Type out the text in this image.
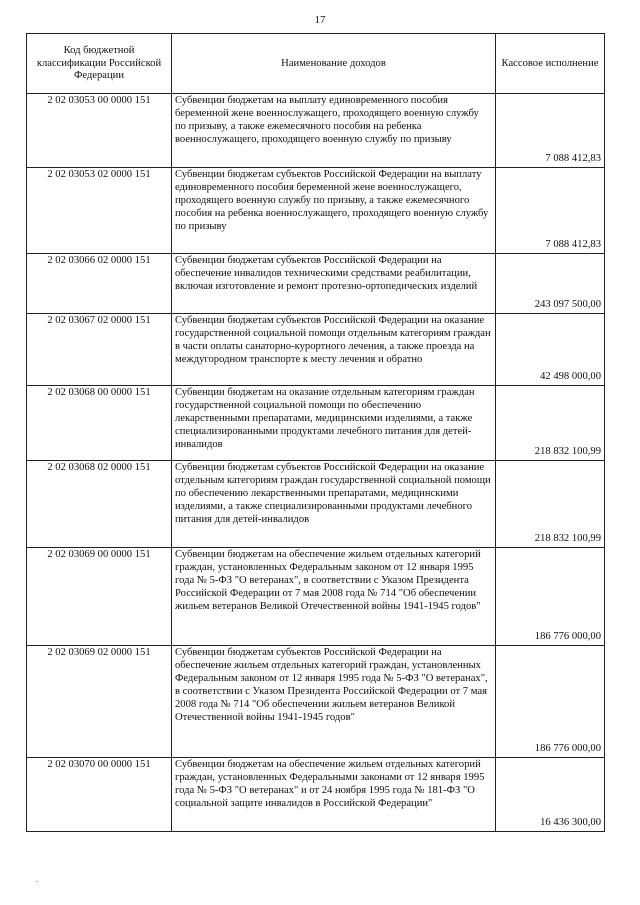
17
Код бюджетной классификации Российской Федерации	Наименование доходов	Кассовое исполнение
2 02 03053 00 0000 151	Субвенции бюджетам на выплату единовременного пособия беременной жене военнослужащего, проходящего военную службу по призыву, а также ежемесячного пособия на ребенка военнослужащего, проходящего военную службу по призыву	7 088 412,83
2 02 03053 02 0000 151	Субвенции бюджетам субъектов Российской Федерации на выплату единовременного пособия беременной жене военнослужащего, проходящего военную службу по призыву, а также ежемесячного пособия на ребенка военнослужащего, проходящего военную службу по призыву	7 088 412,83
2 02 03066 02 0000 151	Субвенции бюджетам субъектов Российской Федерации на обеспечение инвалидов техническими средствами реабилитации, включая изготовление и ремонт протезно-ортопедических изделий	243 097 500,00
2 02 03067 02 0000 151	Субвенции бюджетам субъектов Российской Федерации на оказание государственной социальной помощи отдельным категориям граждан в части оплаты санаторно-курортного лечения, а также проезда на междугородном транспорте к месту лечения и обратно	42 498 000,00
2 02 03068 00 0000 151	Субвенции бюджетам на оказание отдельным категориям граждан государственной социальной помощи по обеспечению лекарственными препаратами, медицинскими изделиями, а также специализированными продуктами лечебного питания для детей-инвалидов	218 832 100,99
2 02 03068 02 0000 151	Субвенции бюджетам субъектов Российской Федерации на оказание отдельным категориям граждан государственной социальной помощи по обеспечению лекарственными препаратами, медицинскими изделиями, а также специализированными продуктами лечебного питания для детей-инвалидов	218 832 100,99
2 02 03069 00 0000 151	Субвенции бюджетам на обеспечение жильем отдельных категорий граждан, установленных Федеральным законом от 12 января 1995 года № 5-ФЗ "О ветеранах", в соответствии с Указом Президента Российской Федерации от 7 мая 2008 года № 714 "Об обеспечении жильем ветеранов Великой Отечественной войны 1941-1945 годов"	186 776 000,00
2 02 03069 02 0000 151	Субвенции бюджетам субъектов Российской Федерации на обеспечение жильем отдельных категорий граждан, установленных Федеральным законом от 12 января 1995 года № 5-ФЗ "О ветеранах", в соответствии с Указом Президента Российской Федерации от 7 мая 2008 года № 714 "Об обеспечении жильем ветеранов Великой Отечественной войны 1941-1945 годов"	186 776 000,00
2 02 03070 00 0000 151	Субвенции бюджетам на обеспечение жильем отдельных категорий граждан, установленных Федеральными законами от 12 января 1995 года № 5-ФЗ "О ветеранах" и от 24 ноября 1995 года № 181-ФЗ "О социальной защите инвалидов в Российской Федерации"	16 436 300,00
.
